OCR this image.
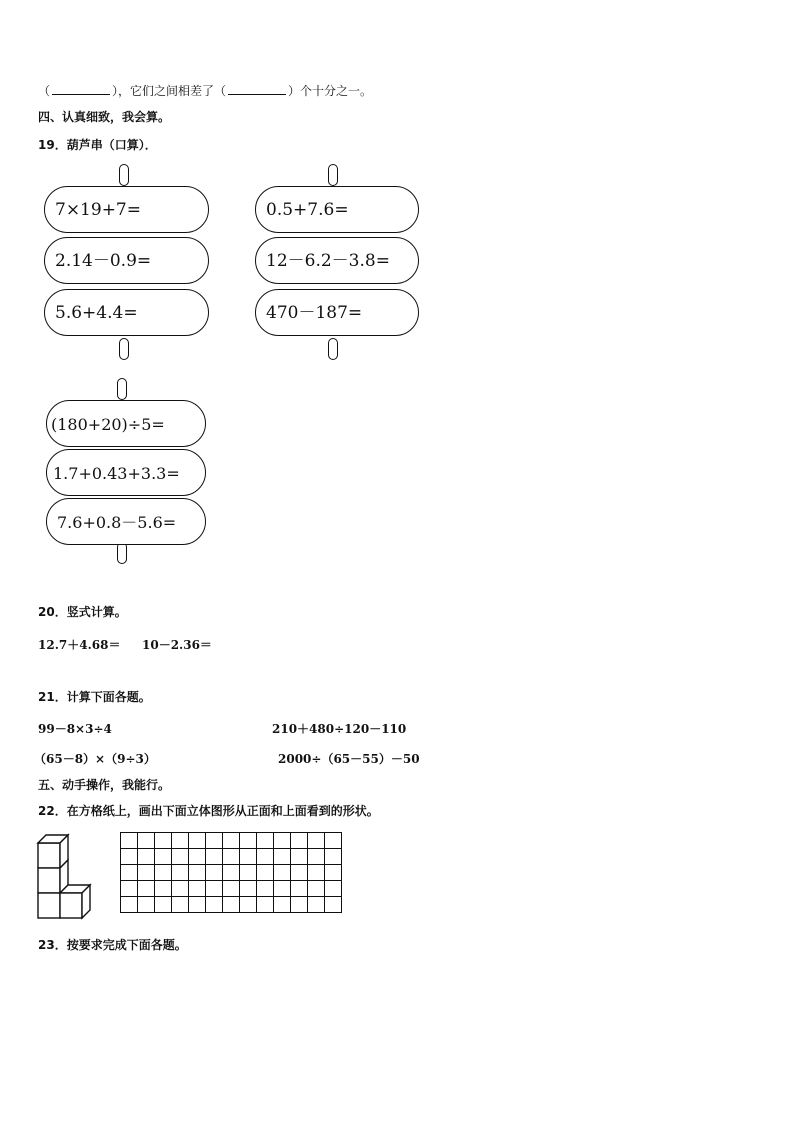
（	），它们之间相差了（	）个十分之一。
四、认真细致，我会算。
19．葫芦串（口算）．
7×19+7=
2.14－0.9=
5.6+4.4=
0.5+7.6=
12－6.2－3.8=
470－187=
(180+20)÷5=
1.7+0.43+3.3=
7.6+0.8－5.6=
20．竖式计算。
12.7＋4.68＝ 10－2.36＝
21．计算下面各题。
99－8×3÷4	210＋480÷120－110
（65－8）×（9÷3）	2000÷（65－55）－50
五、动手操作，我能行。
22．在方格纸上，画出下面立体图形从正面和上面看到的形状。

23．按要求完成下面各题。
